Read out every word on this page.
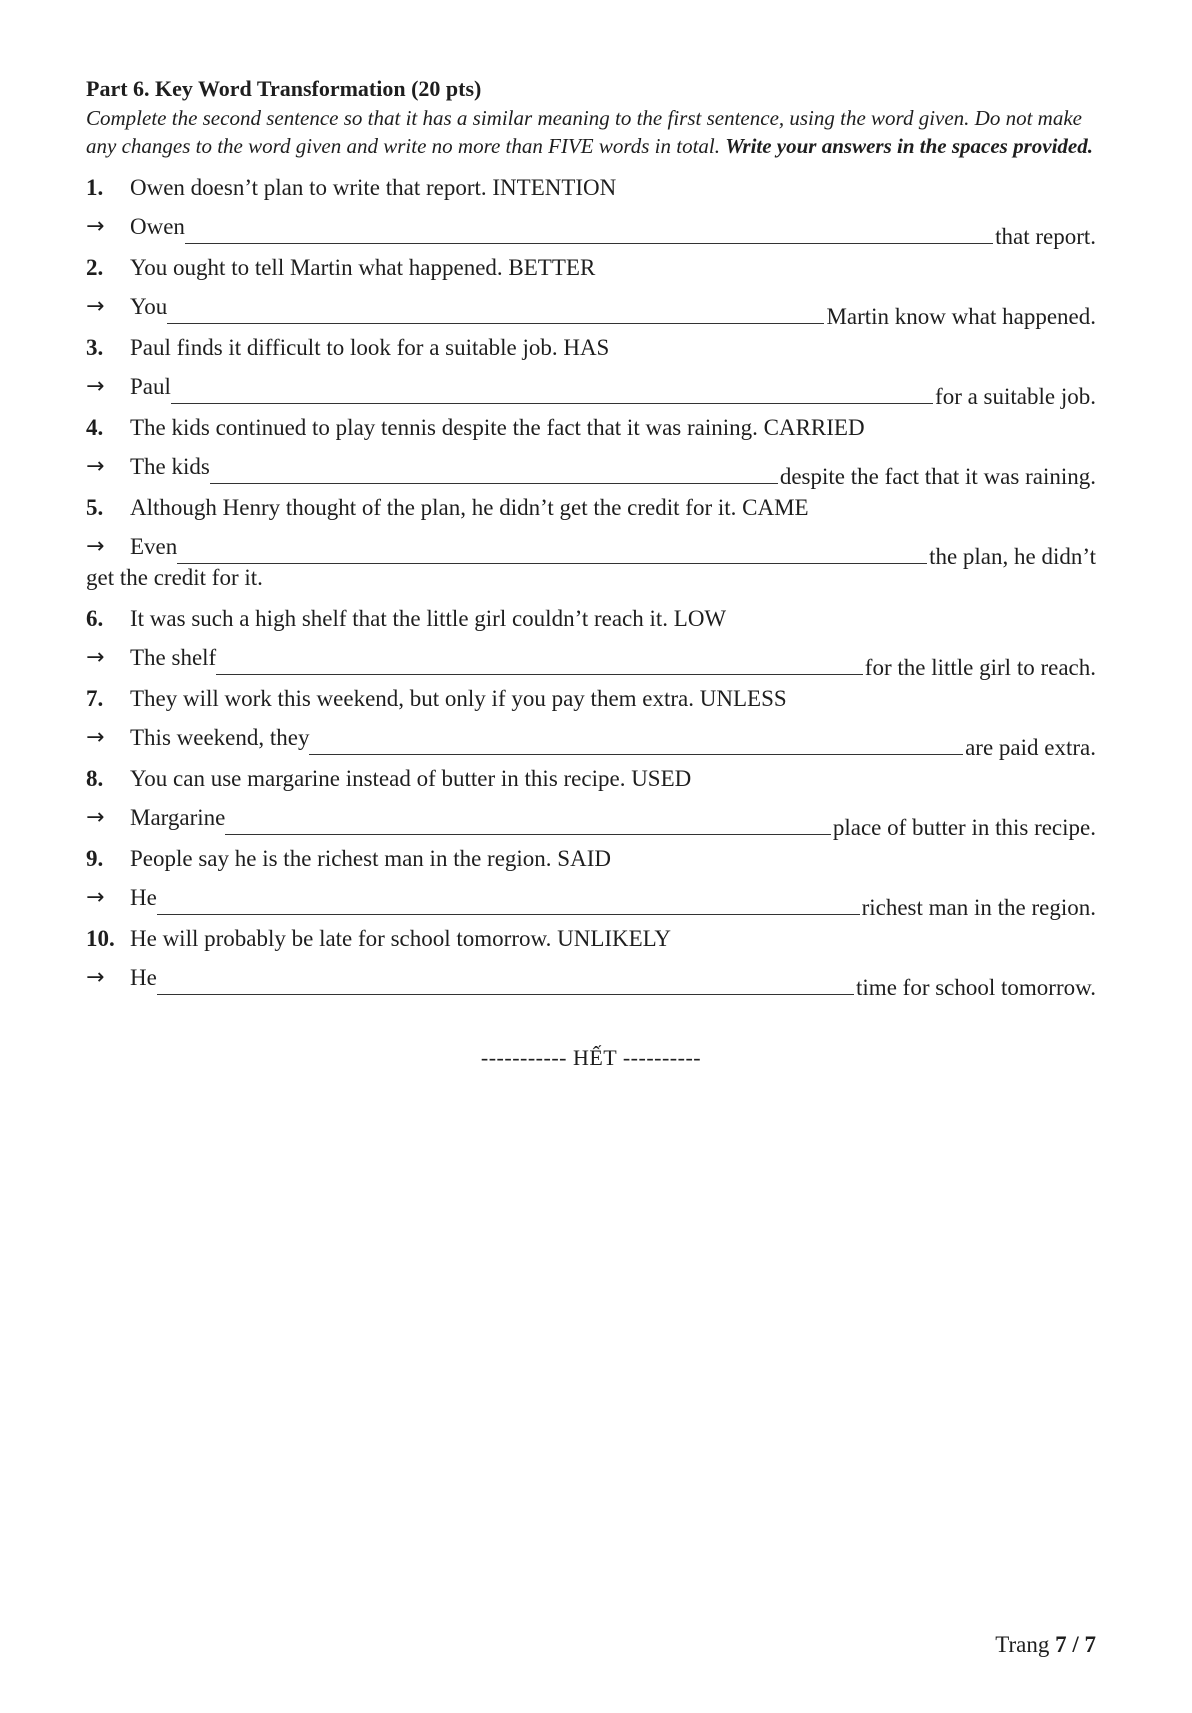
Part 6. Key Word Transformation (20 pts)
Complete the second sentence so that it has a similar meaning to the first sentence, using the word given. Do not make any changes to the word given and write no more than FIVE words in total. Write your answers in the spaces provided.
1.	Owen doesn’t plan to write that report. INTENTION
→	Owen	that report.
2.	You ought to tell Martin what happened. BETTER
→	You	Martin know what happened.
3.	Paul finds it difficult to look for a suitable job. HAS
→	Paul	for a suitable job.
4.	The kids continued to play tennis despite the fact that it was raining. CARRIED
→	The kids	despite the fact that it was raining.
5.	Although Henry thought of the plan, he didn’t get the credit for it. CAME
→	Even	the plan, he didn’t
get the credit for it.
6.	It was such a high shelf that the little girl couldn’t reach it. LOW
→	The shelf	for the little girl to reach.
7.	They will work this weekend, but only if you pay them extra. UNLESS
→	This weekend, they	are paid extra.
8.	You can use margarine instead of butter in this recipe. USED
→	Margarine	place of butter in this recipe.
9.	People say he is the richest man in the region. SAID
→	He	richest man in the region.
10. He will probably be late for school tomorrow. UNLIKELY
→	He	time for school tomorrow.
----------- HẾT ----------
Trang 7 / 7
